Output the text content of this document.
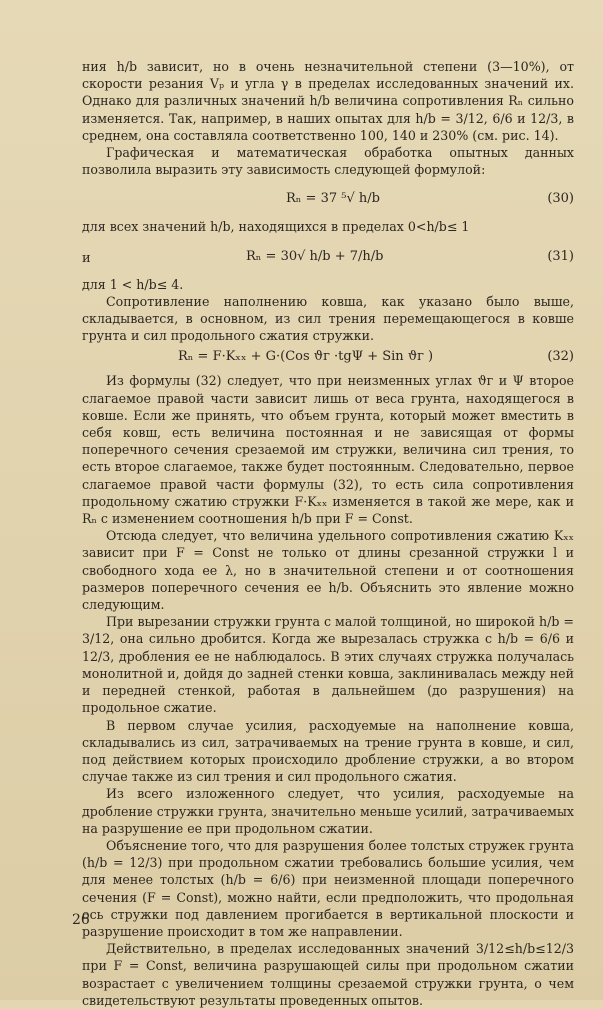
ния h/b зависит, но в очень незначительной степени (3—10%), от скорости резания Vₚ и угла γ в пределах исследованных значений их. Однако для различных значений h/b величина сопротивления Rₙ сильно изменяется. Так, например, в наших опытах для h/b = 3/12, 6/6 и 12/3, в среднем, она составляла соответственно 100, 140 и 230% (см. рис. 14).

Графическая и математическая обработка опытных данных позволила выразить эту зависимость следующей формулой:

Rₙ = 37 ⁵√ h/b	(30)

для всех значений h/b, находящихся в пределах 0<h/b≤ 1

и	Rₙ = 30√ h/b + 7/h/b	(31)

для 1 < h/b≤ 4.

Сопротивление наполнению ковша, как указано было выше, складывается, в основном, из сил трения перемещающегося в ковше грунта и сил продольного сжатия стружки.

Rₙ = F·Kₓₓ + G·(Cos ϑг ·tgΨ + Sin ϑг )	(32)

Из формулы (32) следует, что при неизменных углах ϑг и Ψ второе слагаемое правой части зависит лишь от веса грунта, находящегося в ковше. Если же принять, что объем грунта, который может вместить в себя ковш, есть величина постоянная и не зависящая от формы поперечного сечения срезаемой им стружки, величина сил трения, то есть второе слагаемое, также будет постоянным. Следовательно, первое слагаемое правой части формулы (32), то есть сила сопротивления продольному сжатию стружки F·Kₓₓ изменяется в такой же мере, как и Rₙ с изменением соотношения h/b при F = Const.

Отсюда следует, что величина удельного сопротивления сжатию Kₓₓ зависит при F = Const не только от длины срезанной стружки l и свободного хода ее λ, но в значительной степени и от соотношения размеров поперечного сечения ее h/b. Объяснить это явление можно следующим.

При вырезании стружки грунта с малой толщиной, но широкой h/b = 3/12, она сильно дробится. Когда же вырезалась стружка с h/b = 6/6 и 12/3, дробления ее не наблюдалось. В этих случаях стружка получалась монолитной и, дойдя до задней стенки ковша, заклинивалась между ней и передней стенкой, работая в дальнейшем (до разрушения) на продольное сжатие.

В первом случае усилия, расходуемые на наполнение ковша, складывались из сил, затрачиваемых на трение грунта в ковше, и сил, под действием которых происходило дробление стружки, а во втором случае также из сил трения и сил продольного сжатия.

Из всего изложенного следует, что усилия, расходуемые на дробление стружки грунта, значительно меньше усилий, затрачиваемых на разрушение ее при продольном сжатии.

Объяснение того, что для разрушения более толстых стружек грунта (h/b = 12/3) при продольном сжатии требовались большие усилия, чем для менее толстых (h/b = 6/6) при неизменной площади поперечного сечения (F = Const), можно найти, если предположить, что продольная ось стружки под давлением прогибается в вертикальной плоскости и разрушение происходит в том же направлении.

Действительно, в пределах исследованных значений 3/12≤h/b≤12/3 при F = Const, величина разрушающей силы при продольном сжатии возрастает с увеличением толщины срезаемой стружки грунта, о чем свидетельствуют результаты проведенных опытов.

26
